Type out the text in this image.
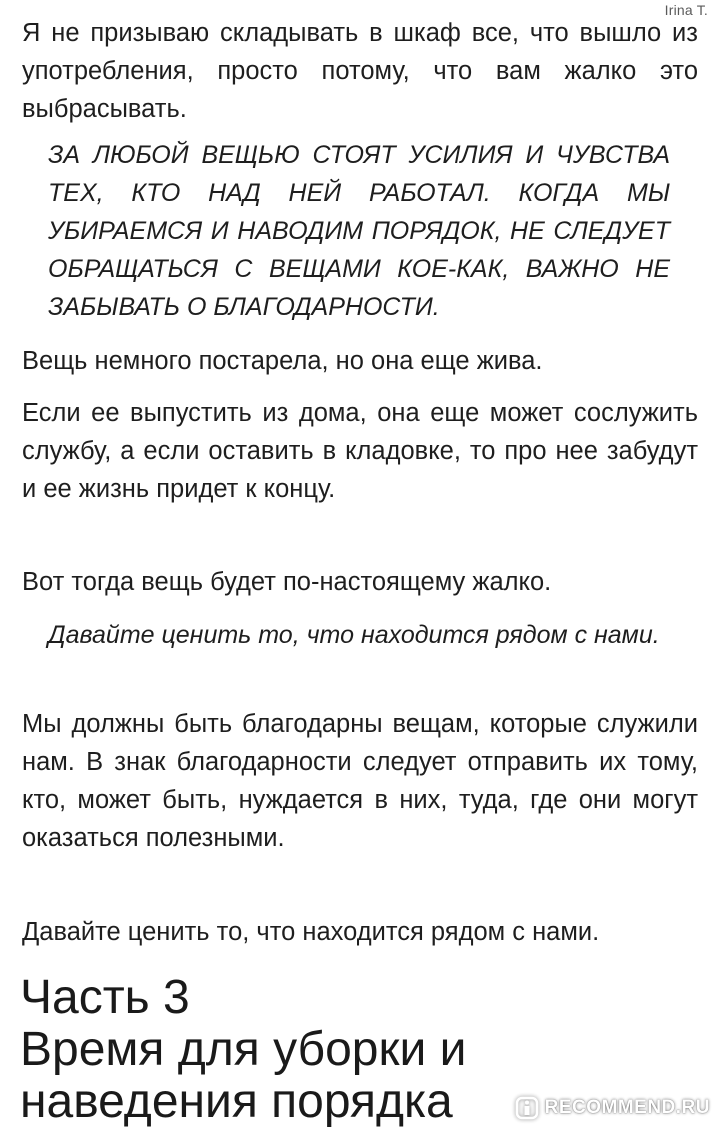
Irina T.

Я не призываю складывать в шкаф все, что вышло из употребления, просто потому, что вам жалко это выбрасывать.

ЗА ЛЮБОЙ ВЕЩЬЮ СТОЯТ УСИЛИЯ И ЧУВСТВА ТЕХ, КТО НАД НЕЙ РАБОТАЛ. КОГДА МЫ УБИРАЕМСЯ И НАВОДИМ ПОРЯДОК, НЕ СЛЕДУЕТ ОБРАЩАТЬСЯ С ВЕЩАМИ КОЕ-КАК, ВАЖНО НЕ ЗАБЫВАТЬ О БЛАГОДАРНОСТИ.

Вещь немного постарела, но она еще жива.

Если ее выпустить из дома, она еще может сослужить службу, а если оставить в кладовке, то про нее забудут и ее жизнь придет к концу.

Вот тогда вещь будет по-настоящему жалко.

Давайте ценить то, что находится рядом с нами.

Мы должны быть благодарны вещам, которые служили нам. В знак благодарности следует отправить их тому, кто, может быть, нуждается в них, туда, где они могут оказаться полезными.

Давайте ценить то, что находится рядом с нами.

Часть 3
Время для уборки и
наведения порядка	RECOMMEND.RU
